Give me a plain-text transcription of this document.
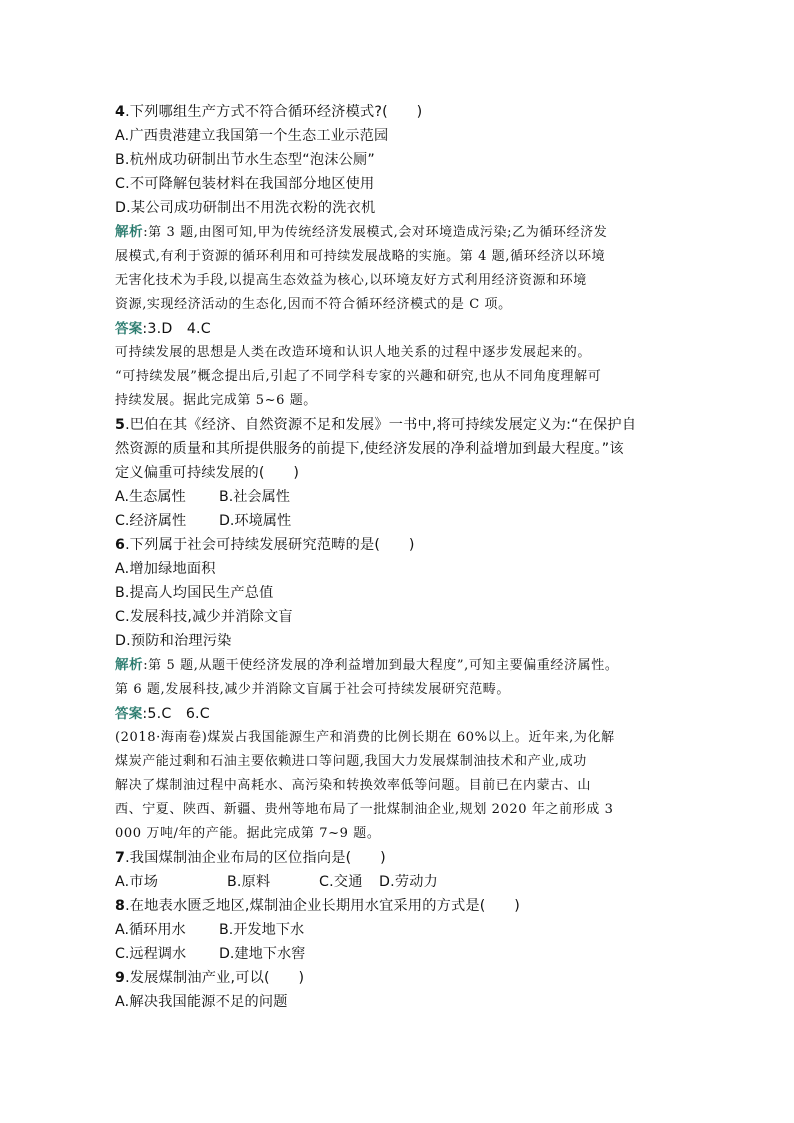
4.下列哪组生产方式不符合循环经济模式?(　　)
A.广西贵港建立我国第一个生态工业示范园
B.杭州成功研制出节水生态型“泡沫公厕”
C.不可降解包装材料在我国部分地区使用
D.某公司成功研制出不用洗衣粉的洗衣机
解析:第 3 题,由图可知,甲为传统经济发展模式,会对环境造成污染;乙为循环经济发
展模式,有利于资源的循环利用和可持续发展战略的实施。第 4 题,循环经济以环境
无害化技术为手段,以提高生态效益为核心,以环境友好方式利用经济资源和环境
资源,实现经济活动的生态化,因而不符合循环经济模式的是 C 项。
答案:3.D　4.C
可持续发展的思想是人类在改造环境和认识人地关系的过程中逐步发展起来的。
“可持续发展”概念提出后,引起了不同学科专家的兴趣和研究,也从不同角度理解可
持续发展。据此完成第 5~6 题。
5.巴伯在其《经济、自然资源不足和发展》一书中,将可持续发展定义为:“在保护自
然资源的质量和其所提供服务的前提下,使经济发展的净利益增加到最大程度。”该
定义偏重可持续发展的(　　)
A.生态属性	B.社会属性
C.经济属性	D.环境属性
6.下列属于社会可持续发展研究范畴的是(　　)
A.增加绿地面积
B.提高人均国民生产总值
C.发展科技,减少并消除文盲
D.预防和治理污染
解析:第 5 题,从题干使经济发展的净利益增加到最大程度”,可知主要偏重经济属性。
第 6 题,发展科技,减少并消除文盲属于社会可持续发展研究范畴。
答案:5.C　6.C
(2018·海南卷)煤炭占我国能源生产和消费的比例长期在 60%以上。近年来,为化解
煤炭产能过剩和石油主要依赖进口等问题,我国大力发展煤制油技术和产业,成功
解决了煤制油过程中高耗水、高污染和转换效率低等问题。目前已在内蒙古、山
西、宁夏、陕西、新疆、贵州等地布局了一批煤制油企业,规划 2020 年之前形成 3
000 万吨/年的产能。据此完成第 7~9 题。
7.我国煤制油企业布局的区位指向是(　　)
A.市场	B.原料	C.交通 D.劳动力
8.在地表水匮乏地区,煤制油企业长期用水宜采用的方式是(　　)
A.循环用水	B.开发地下水
C.远程调水	D.建地下水窖
9.发展煤制油产业,可以(　　)
A.解决我国能源不足的问题
